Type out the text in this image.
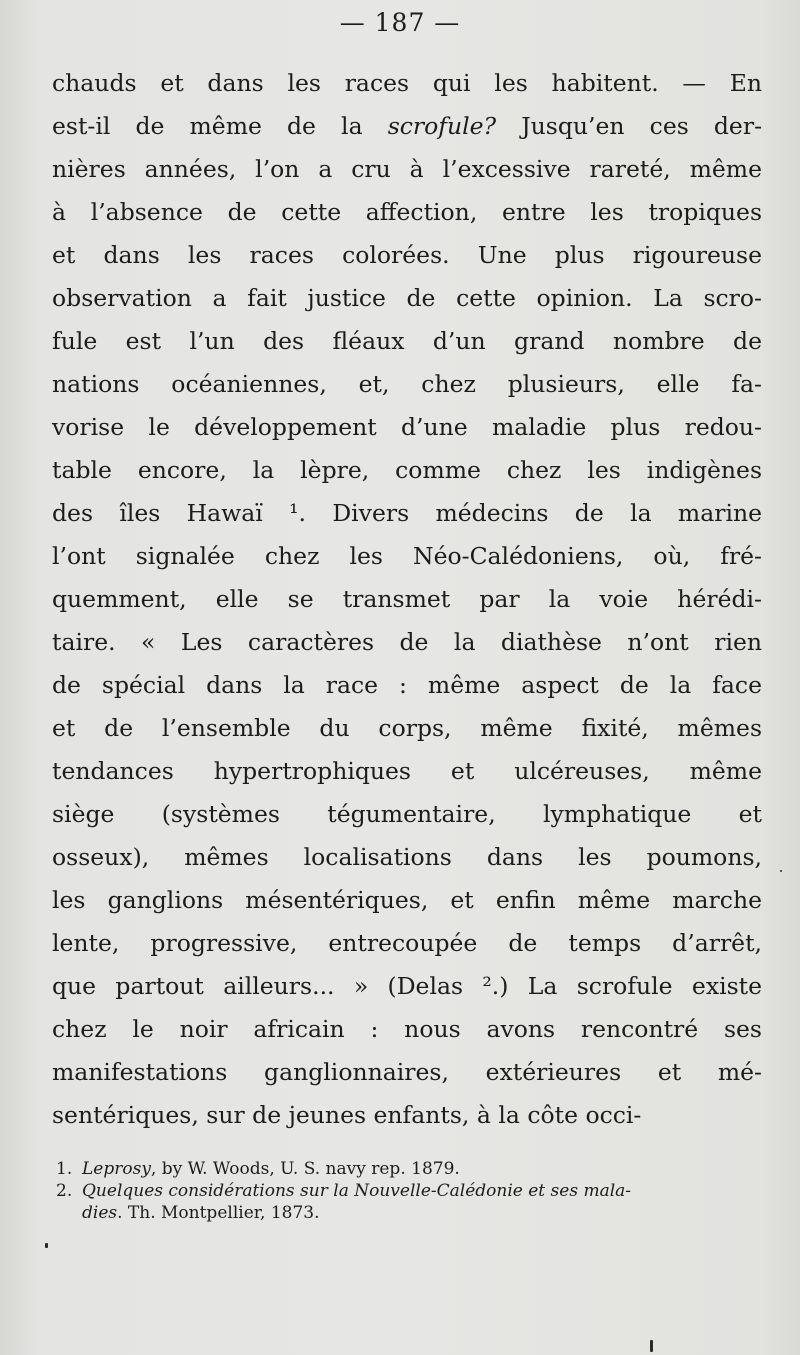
— 187 —
chauds et dans les races qui les habitent. — En
est-il de même de la scrofule? Jusqu’en ces der-
nières années, l’on a cru à l’excessive rareté, même
à l’absence de cette affection, entre les tropiques
et dans les races colorées. Une plus rigoureuse
observation a fait justice de cette opinion. La scro-
fule est l’un des fléaux d’un grand nombre de
nations océaniennes, et, chez plusieurs, elle fa-
vorise le développement d’une maladie plus redou-
table encore, la lèpre, comme chez les indigènes
des îles Hawaï ¹. Divers médecins de la marine
l’ont signalée chez les Néo-Calédoniens, où, fré-
quemment, elle se transmet par la voie hérédi-
taire. « Les caractères de la diathèse n’ont rien
de spécial dans la race : même aspect de la face
et de l’ensemble du corps, même fixité, mêmes
tendances hypertrophiques et ulcéreuses, même
siège (systèmes tégumentaire, lymphatique et
osseux), mêmes localisations dans les poumons,
les ganglions mésentériques, et enfin même marche
lente, progressive, entrecoupée de temps d’arrêt,
que partout ailleurs... » (Delas ².) La scrofule existe
chez le noir africain : nous avons rencontré ses
manifestations ganglionnaires, extérieures et mé-
sentériques, sur de jeunes enfants, à la côte occi-
1. Leprosy, by W. Woods, U. S. navy rep. 1879.
2. Quelques considérations sur la Nouvelle-Calédonie et ses mala-
dies. Th. Montpellier, 1873.
